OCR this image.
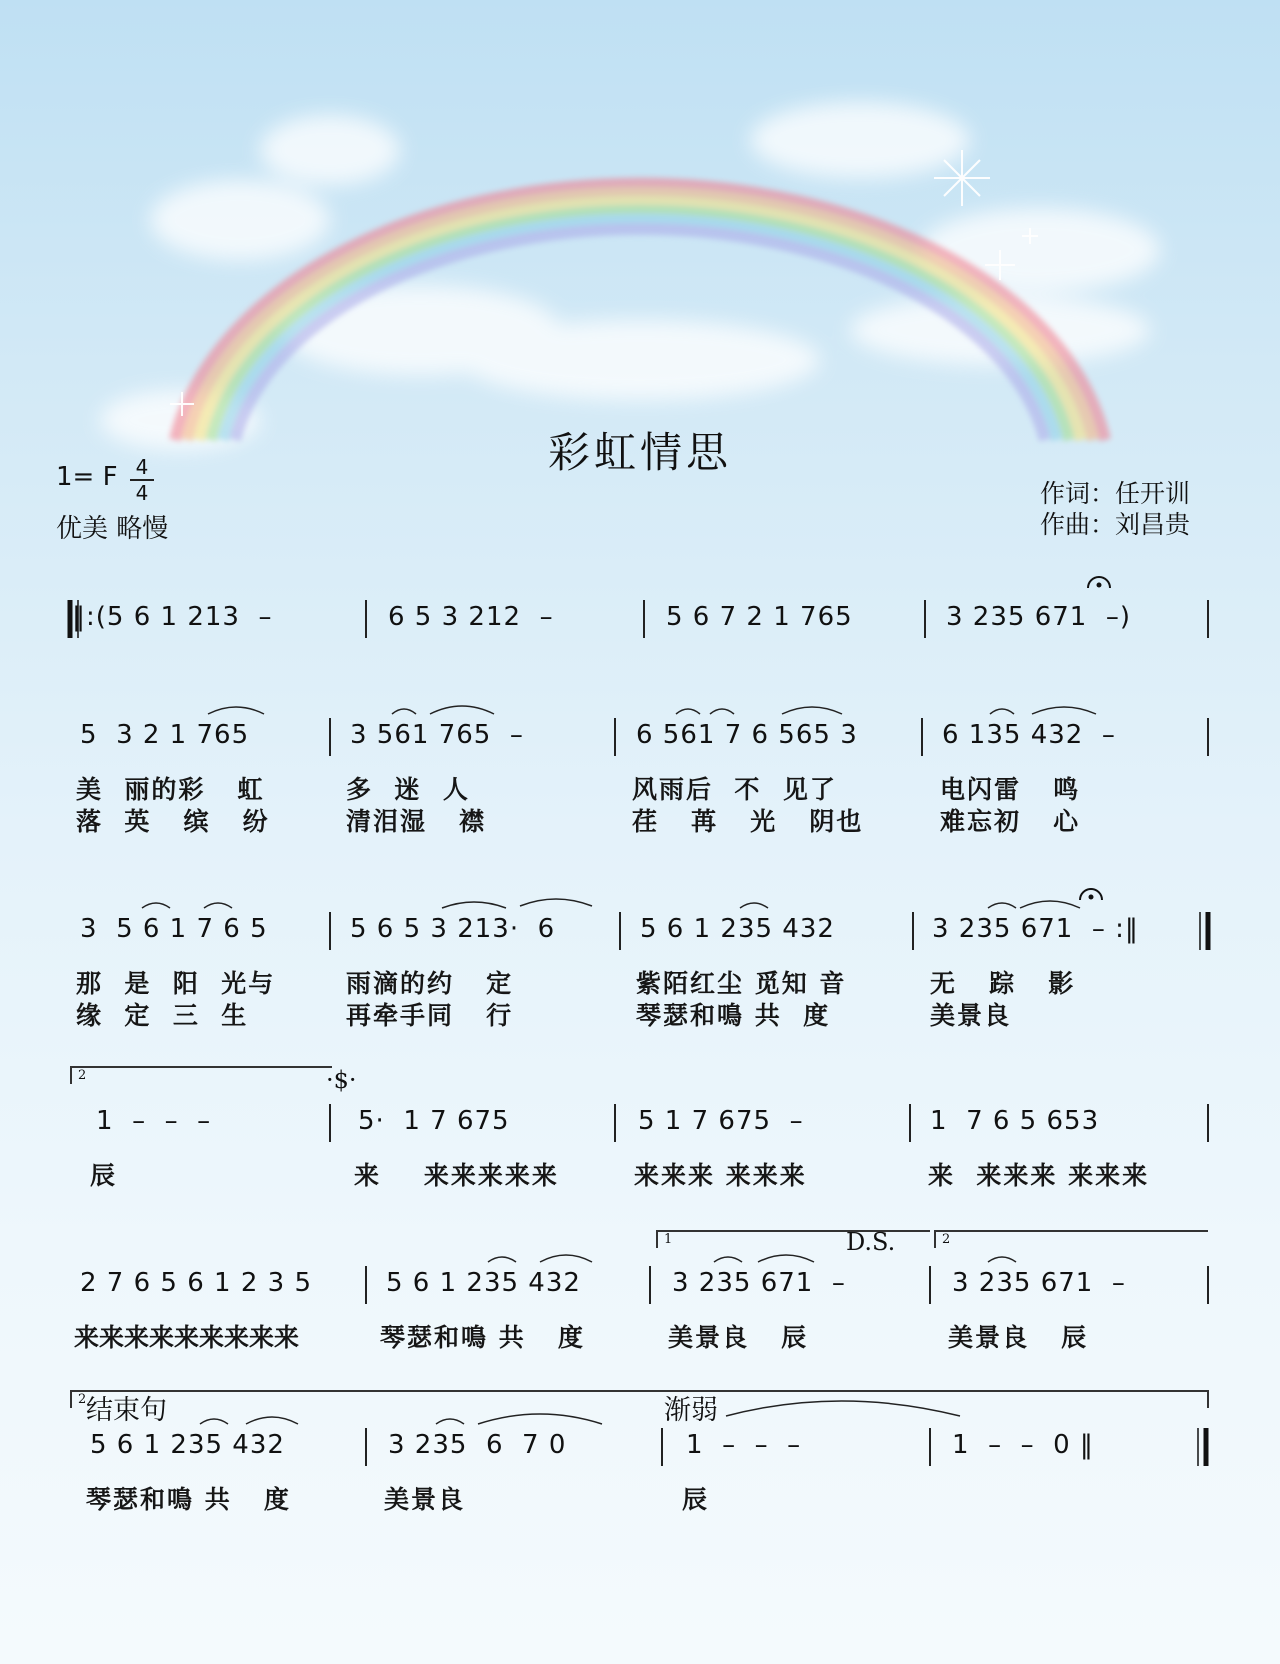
彩虹情思
1= F 4
4
优美 略慢
作词：任开训
作曲：刘昌贵
2
1	2
2
·$·
D.S.
结束句	渐弱
‖:(5 6 1 213  –	6 5 3 212  –	5 6 7 2 1 765	3 235 671  –)
5  3 2 1 765	3 561 765  –	6 561 7 6 565 3	6 135 432  –
美  丽的彩   虹	多  迷  人	风雨后  不  见了	电闪雷   鸣
落  英   缤   纷	清泪湿   襟	荏   苒   光   阴也	难忘初   心
3  5 6 1 7 6 5	5 6 5 3 213·  6	5 6 1 235 432	3 235 671  – :‖
那  是  阳  光与	雨滴的约   定	紫陌红尘 觅知 音	无   踪   影
缘  定  三  生	再牵手同   行	琴瑟和鳴 共  度	美景良
1  –  –  –	5·  1 7 675	5 1 7 675  –	1  7 6 5 653
辰	来    来来来来来	来来来 来来来	来  来来来 来来来
2 7 6 5 6 1 2 3 5	5 6 1 235 432	3 235 671  –	3 235 671  –
来来来来来来来来来	琴瑟和鳴 共   度	美景良   辰	美景良   辰
5 6 1 235 432	3 235  6  7 0	1  –  –  –	1  –  –  0 ‖
琴瑟和鳴 共   度	美景良	辰
